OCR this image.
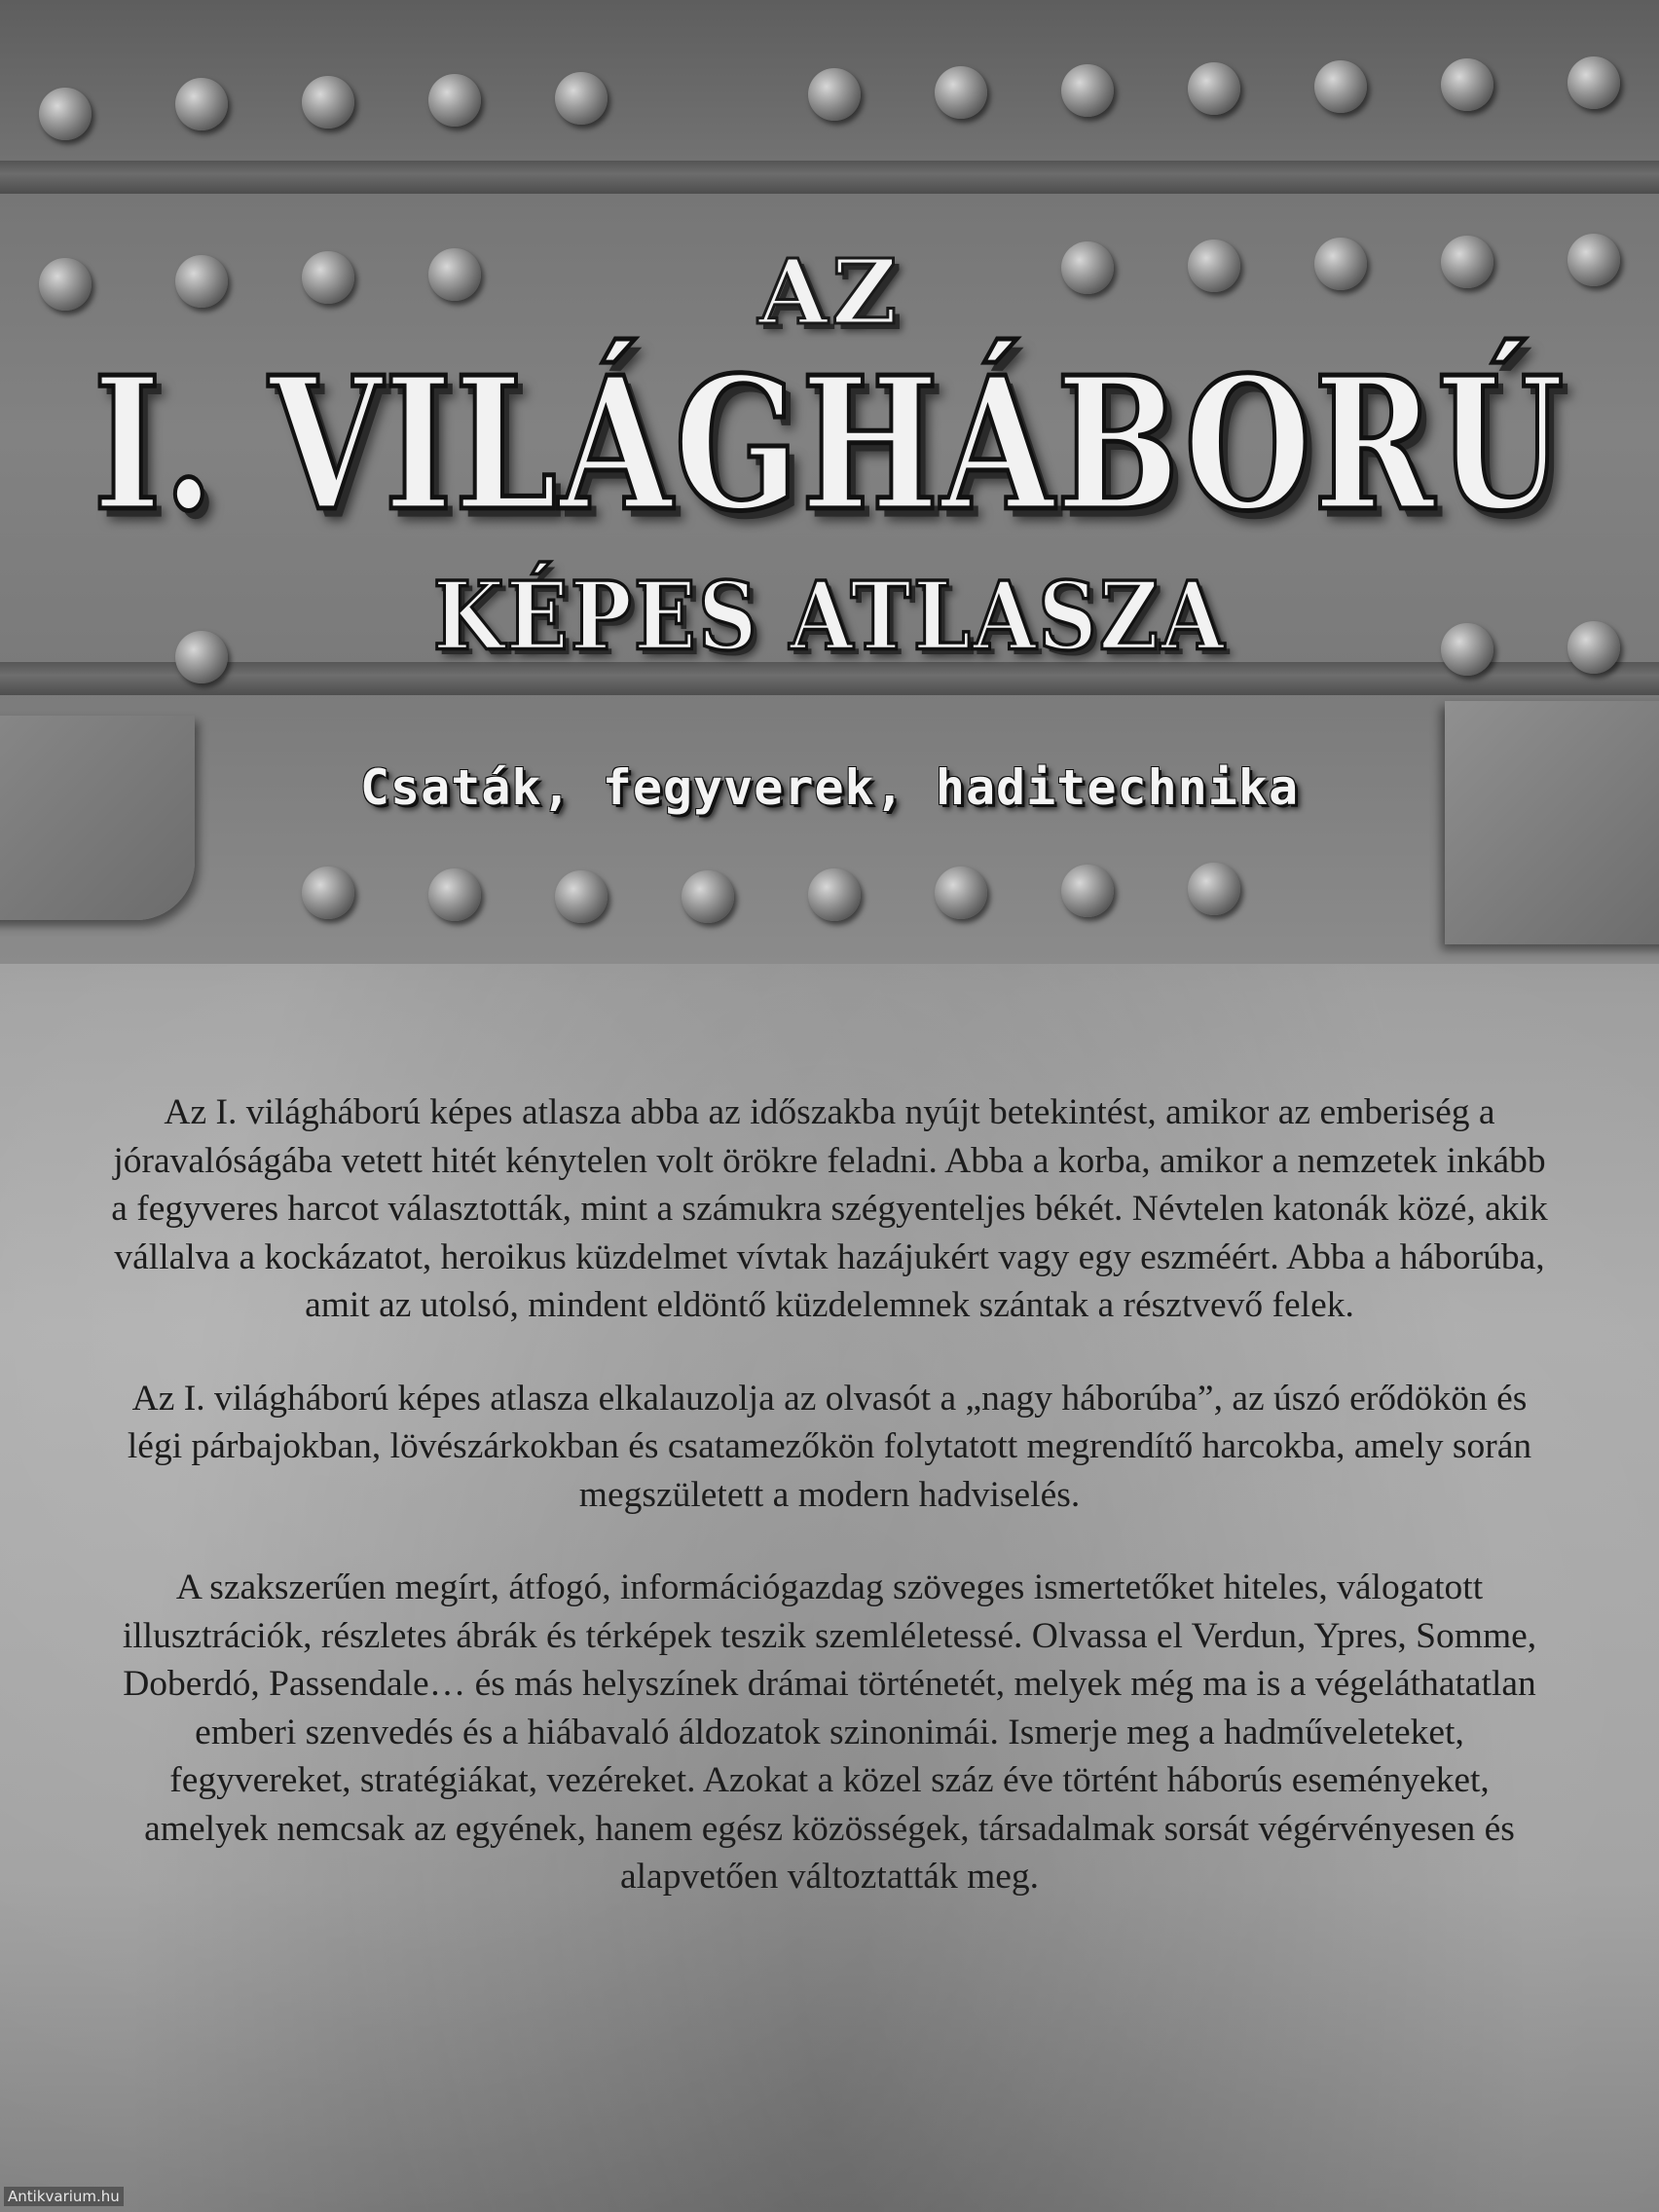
AZ
I. VILÁGHÁBORÚ
KÉPES ATLASZA
Csaták, fegyverek, haditechnika

Az I. világháború képes atlasza abba az időszakba nyújt betekintést, amikor az emberiség a jóravalóságába vetett hitét kénytelen volt örökre feladni. Abba a korba, amikor a nemzetek inkább a fegyveres harcot választották, mint a számukra szégyenteljes békét. Névtelen katonák közé, akik vállalva a kockázatot, heroikus küzdelmet vívtak hazájukért vagy egy eszméért. Abba a háborúba, amit az utolsó, mindent eldöntő küzdelemnek szántak a résztvevő felek.

Az I. világháború képes atlasza elkalauzolja az olvasót a „nagy háborúba”, az úszó erődökön és légi párbajokban, lövészárkokban és csatamezőkön folytatott megrendítő harcokba, amely során megszületett a modern hadviselés.

A szakszerűen megírt, átfogó, információgazdag szöveges ismertetőket hiteles, válogatott illusztrációk, részletes ábrák és térképek teszik szemléletessé. Olvassa el Verdun, Ypres, Somme, Doberdó, Passendale… és más helyszínek drámai történetét, melyek még ma is a végeláthatatlan emberi szenvedés és a hiábavaló áldozatok szinonimái. Ismerje meg a hadműveleteket, fegyvereket, stratégiákat, vezéreket. Azokat a közel száz éve történt háborús eseményeket, amelyek nemcsak az egyének, hanem egész közösségek, társadalmak sorsát végérvényesen és alapvetően változtatták meg.

Antikvarium.hu
